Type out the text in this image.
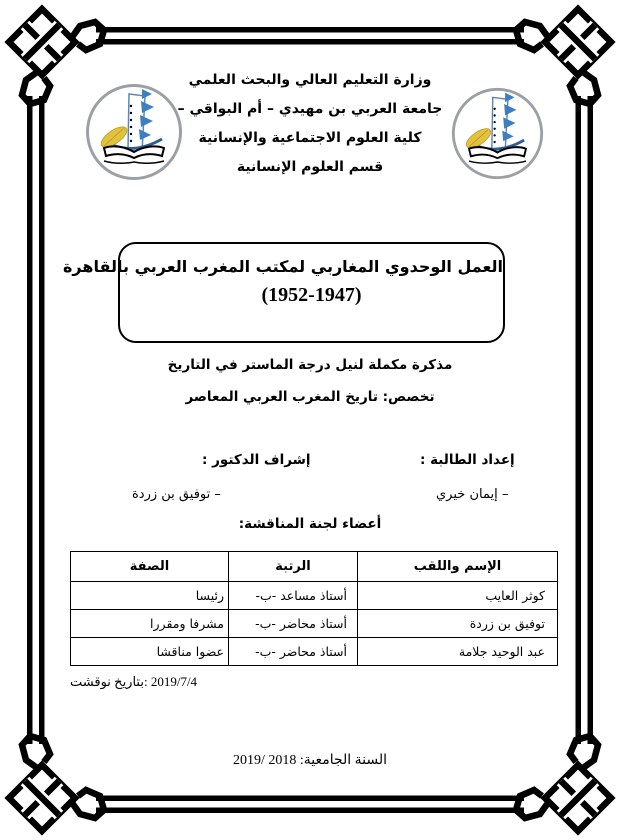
وزارة التعليم العالي والبحث العلمي
جامعة العربي بن مهيدي – أم البواقي –
كلية العلوم الاجتماعية والإنسانية
قسم العلوم الإنسانية
العمل الوحدوي المغاربي لمكتب المغرب العربي بالقاهرة
(1952-1947)
مذكرة مكملة لنيل درجة الماستر في التاريخ
تخصص: تاريخ المغرب العربي المعاصر
إعداد الطالبة :
إشراف الدكتور :
– إيمان خيري
– توفيق بن زردة
أعضاء لجنة المناقشة:
الإسم واللقب	الرتبة	الصفة
كوثر العايب	أستاذ مساعد -ب-	رئيسا
توفيق بن زردة	أستاذ محاضر -ب-	مشرفا ومقررا
عبد الوحيد جلامة	أستاذ محاضر -ب-	عضوا مناقشا
نوقشت‎ بتاريخ:‎ 2019/7/4
السنة الجامعية: 2018 /2019
